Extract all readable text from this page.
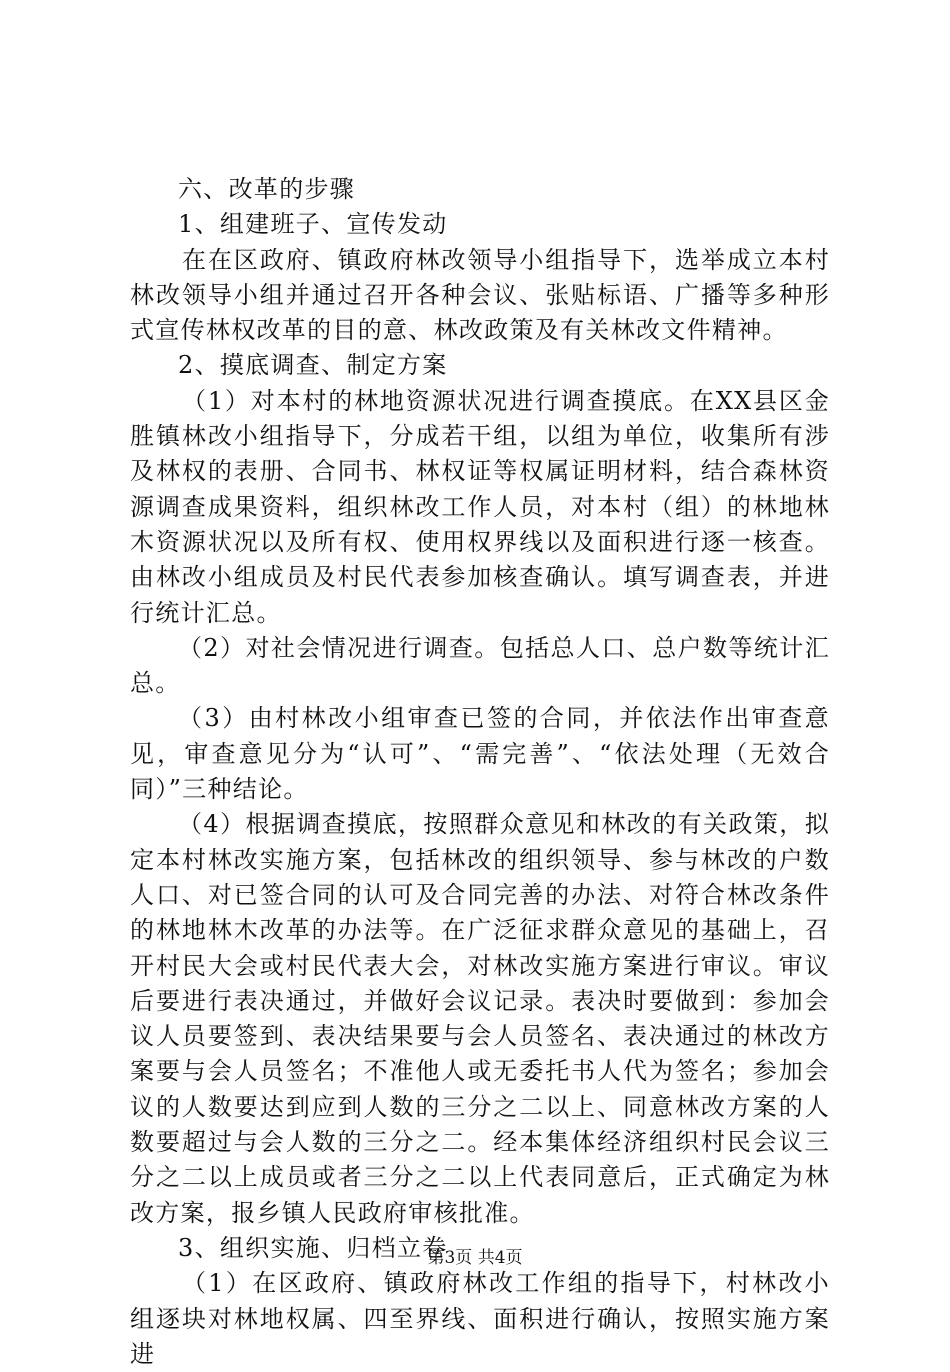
六、改革的步骤

1、组建班子、宣传发动

在在区政府、镇政府林改领导小组指导下，选举成立本村林改领导小组并通过召开各种会议、张贴标语、广播等多种形式宣传林权改革的目的意、林改政策及有关林改文件精神。

2、摸底调查、制定方案

（1）对本村的林地资源状况进行调查摸底。在XX县区金胜镇林改小组指导下，分成若干组，以组为单位，收集所有涉及林权的表册、合同书、林权证等权属证明材料，结合森林资源调查成果资料，组织林改工作人员，对本村（组）的林地林木资源状况以及所有权、使用权界线以及面积进行逐一核查。由林改小组成员及村民代表参加核查确认。填写调查表，并进行统计汇总。

（2）对社会情况进行调查。包括总人口、总户数等统计汇总。

（3）由村林改小组审查已签的合同，并依法作出审查意见，审查意见分为“认可”、“需完善”、“依法处理（无效合同）”三种结论。

（4）根据调查摸底，按照群众意见和林改的有关政策，拟定本村林改实施方案，包括林改的组织领导、参与林改的户数人口、对已签合同的认可及合同完善的办法、对符合林改条件的林地林木改革的办法等。在广泛征求群众意见的基础上，召开村民大会或村民代表大会，对林改实施方案进行审议。审议后要进行表决通过，并做好会议记录。表决时要做到：参加会议人员要签到、表决结果要与会人员签名、表决通过的林改方案要与会人员签名；不准他人或无委托书人代为签名；参加会议的人数要达到应到人数的三分之二以上、同意林改方案的人数要超过与会人数的三分之二。经本集体经济组织村民会议三分之二以上成员或者三分之二以上代表同意后，正式确定为林改方案，报乡镇人民政府审核批准。

3、组织实施、归档立卷

（1）在区政府、镇政府林改工作组的指导下，村林改小组逐块对林地权属、四至界线、面积进行确认，按照实施方案进

第3页 共4页
